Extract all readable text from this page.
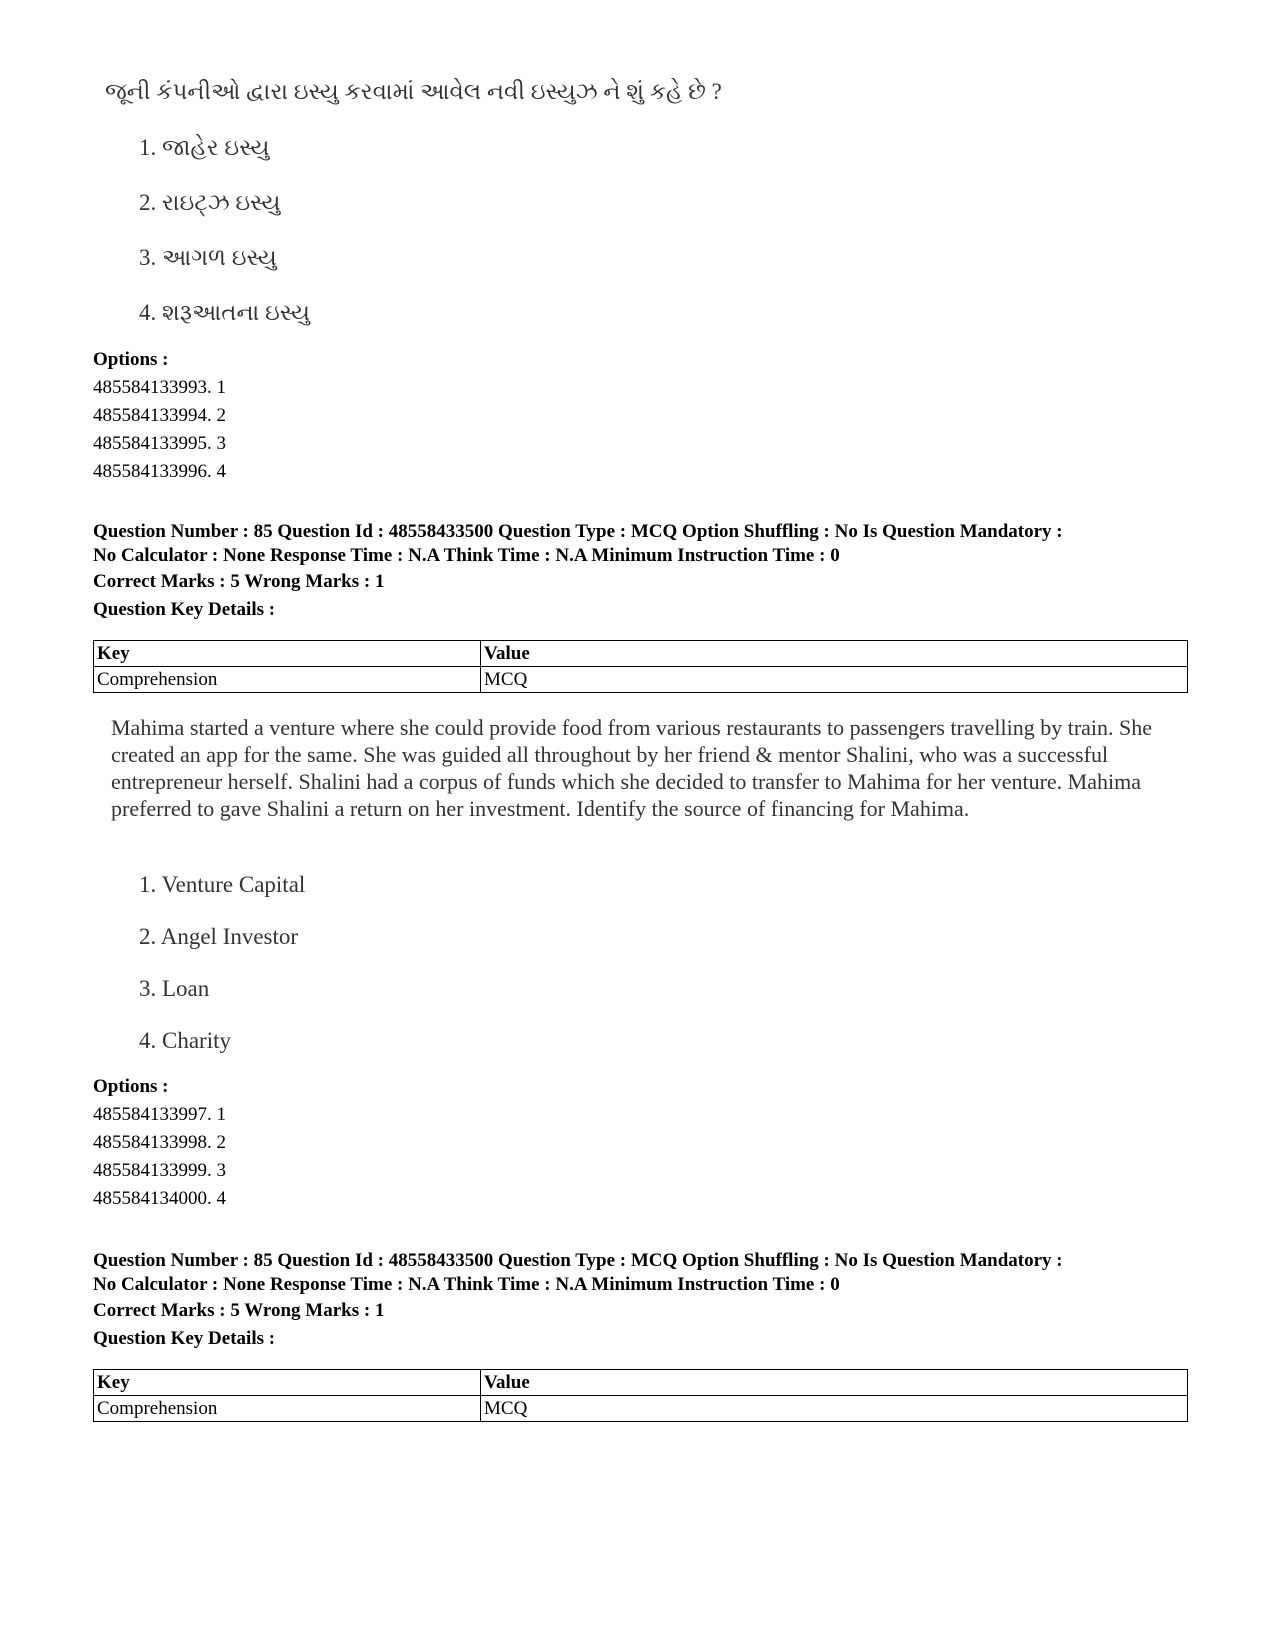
જૂની કંપનીઓ દ્વારા ઇસ્યુ કરવામાં આવેલ નવી ઇસ્યુઝ ને શું કહે છે ?

1. જાહેર ઇસ્યુ
2. રાઇટ્ઝ ઇસ્યુ
3. આગળ ઇસ્યુ
4. શરૂઆતના ઇસ્યુ
Options :
485584133993. 1
485584133994. 2
485584133995. 3
485584133996. 4
Question Number : 85 Question Id : 48558433500 Question Type : MCQ Option Shuffling : No Is Question Mandatory :
No Calculator : None Response Time : N.A Think Time : N.A Minimum Instruction Time : 0
Correct Marks : 5 Wrong Marks : 1
Question Key Details :
Key	Value
Comprehension	MCQ
Mahima started a venture where she could provide food from various restaurants to passengers travelling by train. She created an app for the same. She was guided all throughout by her friend & mentor Shalini, who was a successful entrepreneur herself. Shalini had a corpus of funds which she decided to transfer to Mahima for her venture. Mahima preferred to gave Shalini a return on her investment. Identify the source of financing for Mahima.
1. Venture Capital
2. Angel Investor
3. Loan
4. Charity
Options :
485584133997. 1
485584133998. 2
485584133999. 3
485584134000. 4
Question Number : 85 Question Id : 48558433500 Question Type : MCQ Option Shuffling : No Is Question Mandatory :
No Calculator : None Response Time : N.A Think Time : N.A Minimum Instruction Time : 0
Correct Marks : 5 Wrong Marks : 1
Question Key Details :
Key	Value
Comprehension	MCQ
